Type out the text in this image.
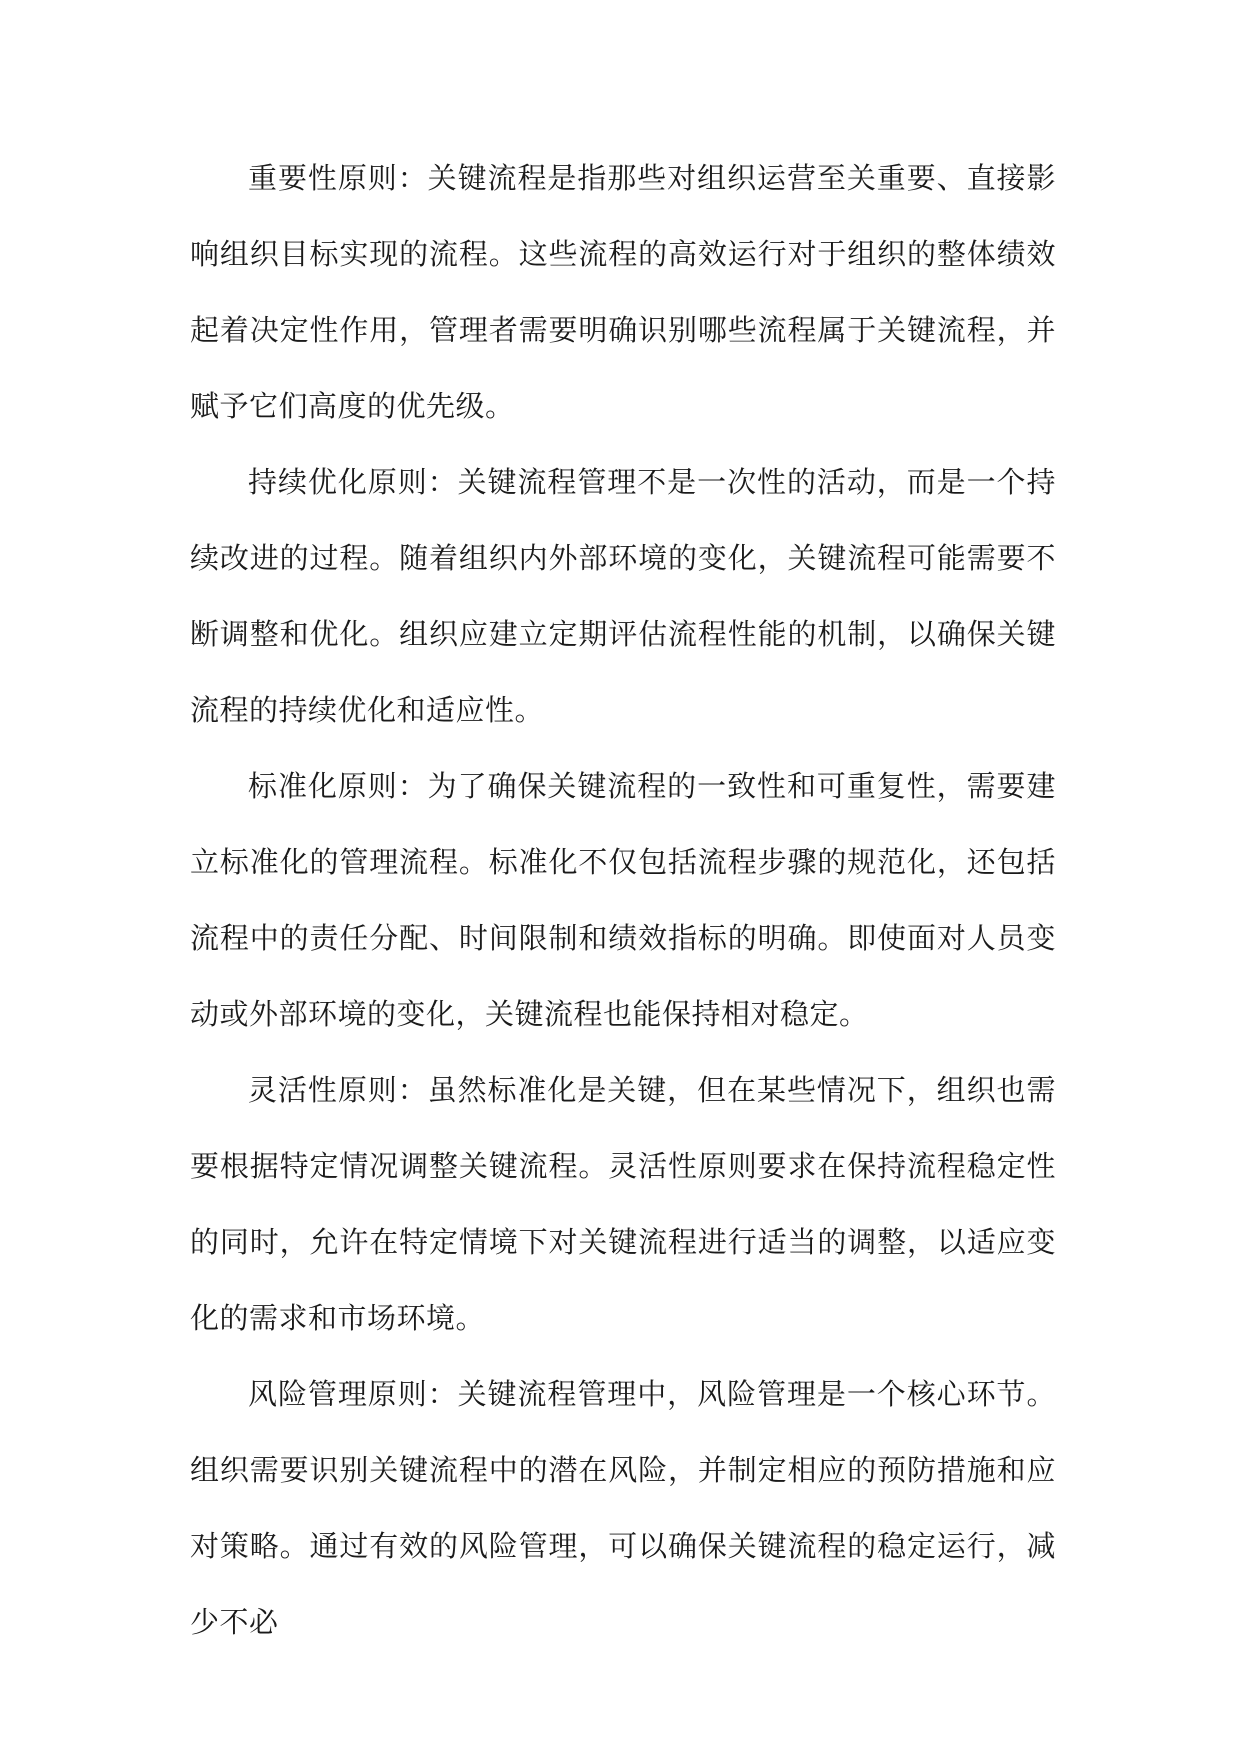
重要性原则：关键流程是指那些对组织运营至关重要、直接影响组织目标实现的流程。这些流程的高效运行对于组织的整体绩效起着决定性作用，管理者需要明确识别哪些流程属于关键流程，并赋予它们高度的优先级。

持续优化原则：关键流程管理不是一次性的活动，而是一个持续改进的过程。随着组织内外部环境的变化，关键流程可能需要不断调整和优化。组织应建立定期评估流程性能的机制，以确保关键流程的持续优化和适应性。

标准化原则：为了确保关键流程的一致性和可重复性，需要建立标准化的管理流程。标准化不仅包括流程步骤的规范化，还包括流程中的责任分配、时间限制和绩效指标的明确。即使面对人员变动或外部环境的变化，关键流程也能保持相对稳定。

灵活性原则：虽然标准化是关键，但在某些情况下，组织也需要根据特定情况调整关键流程。灵活性原则要求在保持流程稳定性的同时，允许在特定情境下对关键流程进行适当的调整，以适应变化的需求和市场环境。

风险管理原则：关键流程管理中，风险管理是一个核心环节。组织需要识别关键流程中的潜在风险，并制定相应的预防措施和应对策略。通过有效的风险管理，可以确保关键流程的稳定运行，减少不必
